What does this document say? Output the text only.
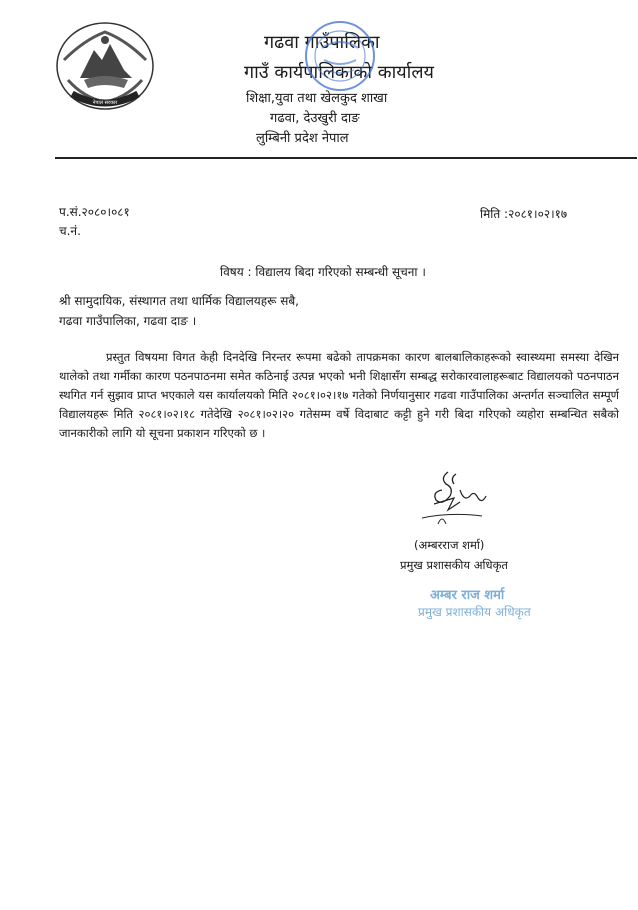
नेपाल सरकार
गढवा गाउँपालिका
गाउँ कार्यपालिकाको कार्यालय
शिक्षा,युवा तथा खेलकुद शाखा
गढवा, देउखुरी दाङ
लुम्बिनी प्रदेश नेपाल
प.सं.२०८०।०८१
च.नं.
मिति :२०८१।०२।१७
विषय : विद्यालय बिदा गरिएको सम्बन्धी सूचना ।
श्री सामुदायिक, संस्थागत तथा धार्मिक विद्यालयहरू सबै,
गढवा गाउँपालिका, गढवा दाङ ।

प्रस्तुत विषयमा विगत केही दिनदेखि निरन्तर रूपमा बढेको तापक्रमका कारण बालबालिकाहरूको स्वास्थ्यमा समस्या देखिन थालेको तथा गर्मीका कारण पठनपाठनमा समेत कठिनाई उत्पन्न भएको भनी शिक्षासँग सम्बद्ध सरोकारवालाहरूबाट विद्यालयको पठनपाठन स्थगित गर्न सुझाव प्राप्त भएकाले यस कार्यालयको मिति २०८१।०२।१७ गतेको निर्णयानुसार गढवा गाउँपालिका अन्तर्गत सञ्चालित सम्पूर्ण विद्यालयहरू मिति २०८१।०२।१८ गतेदेखि २०८१।०२।२० गतेसम्म वर्षे विदाबाट कट्टी हुने गरी बिदा गरिएको व्यहोरा सम्बन्धित सबैको जानकारीको लागि यो सूचना प्रकाशन गरिएको छ ।

(अम्बरराज शर्मा)
प्रमुख प्रशासकीय अधिकृत
अम्बर राज शर्मा
प्रमुख प्रशासकीय अधिकृत
